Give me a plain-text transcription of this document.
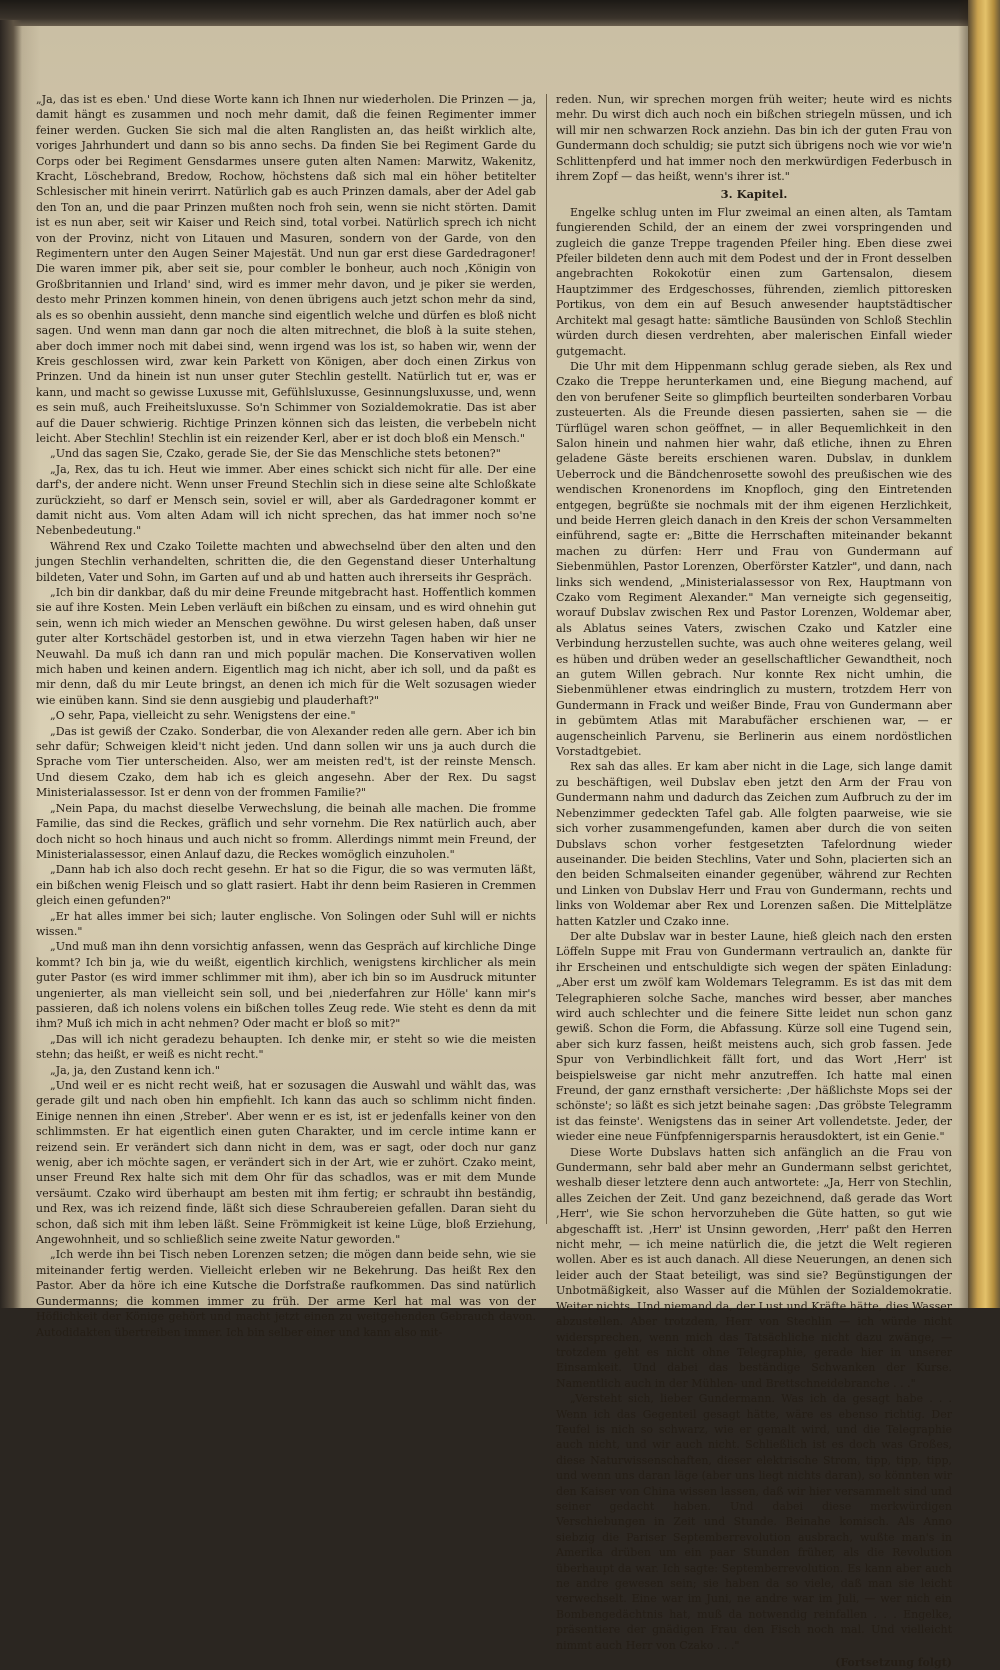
„Ja, das ist es eben.' Und diese Worte kann ich Ihnen nur wiederholen. Die Prinzen — ja, damit hängt es zusammen und noch mehr damit, daß die feinen Regimenter immer feiner werden. Gucken Sie sich mal die alten Ranglisten an, das heißt wirklich alte, voriges Jahrhundert und dann so bis anno sechs. Da finden Sie bei Regiment Garde du Corps oder bei Regiment Gensdarmes unsere guten alten Namen: Marwitz, Wakenitz, Kracht, Löschebrand, Bredow, Rochow, höchstens daß sich mal ein höher betitelter Schlesischer mit hinein verirrt. Natürlich gab es auch Prinzen damals, aber der Adel gab den Ton an, und die paar Prinzen mußten noch froh sein, wenn sie nicht störten. Damit ist es nun aber, seit wir Kaiser und Reich sind, total vorbei. Natürlich sprech ich nicht von der Provinz, nicht von Litauen und Masuren, sondern von der Garde, von den Regimentern unter den Augen Seiner Majestät. Und nun gar erst diese Gardedragoner! Die waren immer pik, aber seit sie, pour combler le bonheur, auch noch ‚Königin von Großbritannien und Irland' sind, wird es immer mehr davon, und je piker sie werden, desto mehr Prinzen kommen hinein, von denen übrigens auch jetzt schon mehr da sind, als es so obenhin aussieht, denn manche sind eigentlich welche und dürfen es bloß nicht sagen. Und wenn man dann gar noch die alten mitrechnet, die bloß à la suite stehen, aber doch immer noch mit dabei sind, wenn irgend was los ist, so haben wir, wenn der Kreis geschlossen wird, zwar kein Parkett von Königen, aber doch einen Zirkus von Prinzen. Und da hinein ist nun unser guter Stechlin gestellt. Natürlich tut er, was er kann, und macht so gewisse Luxusse mit, Gefühlsluxusse, Gesinnungsluxusse, und, wenn es sein muß, auch Freiheitsluxusse. So'n Schimmer von Sozialdemokratie. Das ist aber auf die Dauer schwierig. Richtige Prinzen können sich das leisten, die verbebeln nicht leicht. Aber Stechlin! Stechlin ist ein reizender Kerl, aber er ist doch bloß ein Mensch."

„Und das sagen Sie, Czako, gerade Sie, der Sie das Menschliche stets betonen?"

„Ja, Rex, das tu ich. Heut wie immer. Aber eines schickt sich nicht für alle. Der eine darf's, der andere nicht. Wenn unser Freund Stechlin sich in diese seine alte Schloßkate zurückzieht, so darf er Mensch sein, soviel er will, aber als Gardedragoner kommt er damit nicht aus. Vom alten Adam will ich nicht sprechen, das hat immer noch so'ne Nebenbedeutung."

Während Rex und Czako Toilette machten und abwechselnd über den alten und den jungen Stechlin verhandelten, schritten die, die den Gegenstand dieser Unterhaltung bildeten, Vater und Sohn, im Garten auf und ab und hatten auch ihrerseits ihr Gespräch.

„Ich bin dir dankbar, daß du mir deine Freunde mitgebracht hast. Hoffentlich kommen sie auf ihre Kosten. Mein Leben verläuft ein bißchen zu einsam, und es wird ohnehin gut sein, wenn ich mich wieder an Menschen gewöhne. Du wirst gelesen haben, daß unser guter alter Kortschädel gestorben ist, und in etwa vierzehn Tagen haben wir hier ne Neuwahl. Da muß ich dann ran und mich populär machen. Die Konservativen wollen mich haben und keinen andern. Eigentlich mag ich nicht, aber ich soll, und da paßt es mir denn, daß du mir Leute bringst, an denen ich mich für die Welt sozusagen wieder wie einüben kann. Sind sie denn ausgiebig und plauderhaft?"

„O sehr, Papa, vielleicht zu sehr. Wenigstens der eine."

„Das ist gewiß der Czako. Sonderbar, die von Alexander reden alle gern. Aber ich bin sehr dafür; Schweigen kleid't nicht jeden. Und dann sollen wir uns ja auch durch die Sprache vom Tier unterscheiden. Also, wer am meisten red't, ist der reinste Mensch. Und diesem Czako, dem hab ich es gleich angesehn. Aber der Rex. Du sagst Ministerialassessor. Ist er denn von der frommen Familie?"

„Nein Papa, du machst dieselbe Verwechslung, die beinah alle machen. Die fromme Familie, das sind die Reckes, gräflich und sehr vornehm. Die Rex natürlich auch, aber doch nicht so hoch hinaus und auch nicht so fromm. Allerdings nimmt mein Freund, der Ministerialassessor, einen Anlauf dazu, die Reckes womöglich einzuholen."

„Dann hab ich also doch recht gesehn. Er hat so die Figur, die so was vermuten läßt, ein bißchen wenig Fleisch und so glatt rasiert. Habt ihr denn beim Rasieren in Cremmen gleich einen gefunden?"

„Er hat alles immer bei sich; lauter englische. Von Solingen oder Suhl will er nichts wissen."

„Und muß man ihn denn vorsichtig anfassen, wenn das Gespräch auf kirchliche Dinge kommt? Ich bin ja, wie du weißt, eigentlich kirchlich, wenigstens kirchlicher als mein guter Pastor (es wird immer schlimmer mit ihm), aber ich bin so im Ausdruck mitunter ungenierter, als man vielleicht sein soll, und bei ‚niederfahren zur Hölle' kann mir's passieren, daß ich nolens volens ein bißchen tolles Zeug rede. Wie steht es denn da mit ihm? Muß ich mich in acht nehmen? Oder macht er bloß so mit?"

„Das will ich nicht geradezu behaupten. Ich denke mir, er steht so wie die meisten stehn; das heißt, er weiß es nicht recht."

„Ja, ja, den Zustand kenn ich."

„Und weil er es nicht recht weiß, hat er sozusagen die Auswahl und wählt das, was gerade gilt und nach oben hin empfiehlt. Ich kann das auch so schlimm nicht finden. Einige nennen ihn einen ‚Streber'. Aber wenn er es ist, ist er jedenfalls keiner von den schlimmsten. Er hat eigentlich einen guten Charakter, und im cercle intime kann er reizend sein. Er verändert sich dann nicht in dem, was er sagt, oder doch nur ganz wenig, aber ich möchte sagen, er verändert sich in der Art, wie er zuhört. Czako meint, unser Freund Rex halte sich mit dem Ohr für das schadlos, was er mit dem Munde versäumt. Czako wird überhaupt am besten mit ihm fertig; er schraubt ihn beständig, und Rex, was ich reizend finde, läßt sich diese Schraubereien gefallen. Daran sieht du schon, daß sich mit ihm leben läßt. Seine Frömmigkeit ist keine Lüge, bloß Erziehung, Angewohnheit, und so schließlich seine zweite Natur geworden."

„Ich werde ihn bei Tisch neben Lorenzen setzen; die mögen dann beide sehn, wie sie miteinander fertig werden. Vielleicht erleben wir ne Bekehrung. Das heißt Rex den Pastor. Aber da höre ich eine Kutsche die Dorfstraße raufkommen. Das sind natürlich Gundermanns; die kommen immer zu früh. Der arme Kerl hat mal was von der Höflichkeit der Könige gehört und macht jetzt einen zu weitgehenden Gebrauch davon. Autodidakten übertreiben immer. Ich bin selber einer und kann also mit-

reden. Nun, wir sprechen morgen früh weiter; heute wird es nichts mehr. Du wirst dich auch noch ein bißchen striegeln müssen, und ich will mir nen schwarzen Rock anziehn. Das bin ich der guten Frau von Gundermann doch schuldig; sie putzt sich übrigens noch wie vor wie'n Schlittenpferd und hat immer noch den merkwürdigen Federbusch in ihrem Zopf — das heißt, wenn's ihrer ist."

3. Kapitel.

Engelke schlug unten im Flur zweimal an einen alten, als Tamtam fungierenden Schild, der an einem der zwei vorspringenden und zugleich die ganze Treppe tragenden Pfeiler hing. Eben diese zwei Pfeiler bildeten denn auch mit dem Podest und der in Front desselben angebrachten Rokokotür einen zum Gartensalon, diesem Hauptzimmer des Erdgeschosses, führenden, ziemlich pittoresken Portikus, von dem ein auf Besuch anwesender hauptstädtischer Architekt mal gesagt hatte: sämtliche Bausünden von Schloß Stechlin würden durch diesen verdrehten, aber malerischen Einfall wieder gutgemacht.

Die Uhr mit dem Hippenmann schlug gerade sieben, als Rex und Czako die Treppe herunterkamen und, eine Biegung machend, auf den von berufener Seite so glimpflich beurteilten sonderbaren Vorbau zusteuerten. Als die Freunde diesen passierten, sahen sie — die Türflügel waren schon geöffnet, — in aller Bequemlichkeit in den Salon hinein und nahmen hier wahr, daß etliche, ihnen zu Ehren geladene Gäste bereits erschienen waren. Dubslav, in dunklem Ueberrock und die Bändchenrosette sowohl des preußischen wie des wendischen Kronenordens im Knopfloch, ging den Eintretenden entgegen, begrüßte sie nochmals mit der ihm eigenen Herzlichkeit, und beide Herren gleich danach in den Kreis der schon Versammelten einführend, sagte er: „Bitte die Herrschaften miteinander bekannt machen zu dürfen: Herr und Frau von Gundermann auf Siebenmühlen, Pastor Lorenzen, Oberförster Katzler", und dann, nach links sich wendend, „Ministerialassessor von Rex, Hauptmann von Czako vom Regiment Alexander." Man verneigte sich gegenseitig, worauf Dubslav zwischen Rex und Pastor Lorenzen, Woldemar aber, als Ablatus seines Vaters, zwischen Czako und Katzler eine Verbindung herzustellen suchte, was auch ohne weiteres gelang, weil es hüben und drüben weder an gesellschaftlicher Gewandtheit, noch an gutem Willen gebrach. Nur konnte Rex nicht umhin, die Siebenmühlener etwas eindringlich zu mustern, trotzdem Herr von Gundermann in Frack und weißer Binde, Frau von Gundermann aber in gebümtem Atlas mit Marabufächer erschienen war, — er augenscheinlich Parvenu, sie Berlinerin aus einem nordöstlichen Vorstadtgebiet.

Rex sah das alles. Er kam aber nicht in die Lage, sich lange damit zu beschäftigen, weil Dubslav eben jetzt den Arm der Frau von Gundermann nahm und dadurch das Zeichen zum Aufbruch zu der im Nebenzimmer gedeckten Tafel gab. Alle folgten paarweise, wie sie sich vorher zusammengefunden, kamen aber durch die von seiten Dubslavs schon vorher festgesetzten Tafelordnung wieder auseinander. Die beiden Stechlins, Vater und Sohn, placierten sich an den beiden Schmalseiten einander gegenüber, während zur Rechten und Linken von Dubslav Herr und Frau von Gundermann, rechts und links von Woldemar aber Rex und Lorenzen saßen. Die Mittelplätze hatten Katzler und Czako inne.

Der alte Dubslav war in bester Laune, hieß gleich nach den ersten Löffeln Suppe mit Frau von Gundermann vertraulich an, dankte für ihr Erscheinen und entschuldigte sich wegen der späten Einladung: „Aber erst um zwölf kam Woldemars Telegramm. Es ist das mit dem Telegraphieren solche Sache, manches wird besser, aber manches wird auch schlechter und die feinere Sitte leidet nun schon ganz gewiß. Schon die Form, die Abfassung. Kürze soll eine Tugend sein, aber sich kurz fassen, heißt meistens auch, sich grob fassen. Jede Spur von Verbindlichkeit fällt fort, und das Wort ‚Herr' ist beispielsweise gar nicht mehr anzutreffen. Ich hatte mal einen Freund, der ganz ernsthaft versicherte: ‚Der häßlichste Mops sei der schönste'; so läßt es sich jetzt beinahe sagen: ‚Das gröbste Telegramm ist das feinste'. Wenigstens das in seiner Art vollendetste. Jeder, der wieder eine neue Fünfpfennigersparnis herausdoktert, ist ein Genie."

Diese Worte Dubslavs hatten sich anfänglich an die Frau von Gundermann, sehr bald aber mehr an Gundermann selbst gerichtet, weshalb dieser letztere denn auch antwortete: „Ja, Herr von Stechlin, alles Zeichen der Zeit. Und ganz bezeichnend, daß gerade das Wort ‚Herr', wie Sie schon hervorzuheben die Güte hatten, so gut wie abgeschafft ist. ‚Herr' ist Unsinn geworden, ‚Herr' paßt den Herren nicht mehr, — ich meine natürlich die, die jetzt die Welt regieren wollen. Aber es ist auch danach. All diese Neuerungen, an denen sich leider auch der Staat beteiligt, was sind sie? Begünstigungen der Unbotmäßigkeit, also Wasser auf die Mühlen der Sozialdemokratie. Weiter nichts. Und niemand da, der Lust und Kräfte hätte, dies Wasser abzustellen. Aber trotzdem, Herr von Stechlin — ich würde nicht widersprechen, wenn mich das Tatsächliche nicht dazu zwänge, — trotzdem geht es nicht ohne Telegraphie, gerade hier in unserer Einsamkeit. Und dabei das beständige Schwanken der Kurse. Namentlich auch in der Mühlen- und Brettschneidebranche . . ."

„Versteht sich, lieber Gundermann. Was ich da gesagt habe . . . Wenn ich das Gegenteil gesagt hätte, wäre es ebenso richtig. Der Teufel is nich so schwarz, wie er gemalt wird, und die Telegraphie auch nicht, und wir auch nicht. Schließlich ist es doch was Großes, diese Naturwissenschaften, dieser elektrische Strom, tipp, tipp, tipp, und wenn uns daran läge (aber uns liegt nichts daran), so könnten wir den Kaiser von China wissen lassen, daß wir hier versammelt sind und seiner gedacht haben. Und dabei diese merkwürdigen Verschiebungen in Zeit und Stunde. Beinahe komisch. Als Anno siebzig die Pariser Septemberrevolution ausbrach, wußte man's in Amerika drüben um ein paar Stunden früher, als die Revolution überhaupt da war. Ich sagte: Septemberrevolution. Es kann aber auch ne andre gewesen sein; sie haben da so viele, daß man sie leicht verwechselt. Eine war im Juni, ne andre war im Juli, — wer nich ein Bombengedächtnis hat, muß da notwendig reinfallen . . . Engelke, präsentiere der gnädigen Frau den Fisch noch mal. Und vielleicht nimmt auch Herr von Czako . . ."

(Fortsetzung folgt)
